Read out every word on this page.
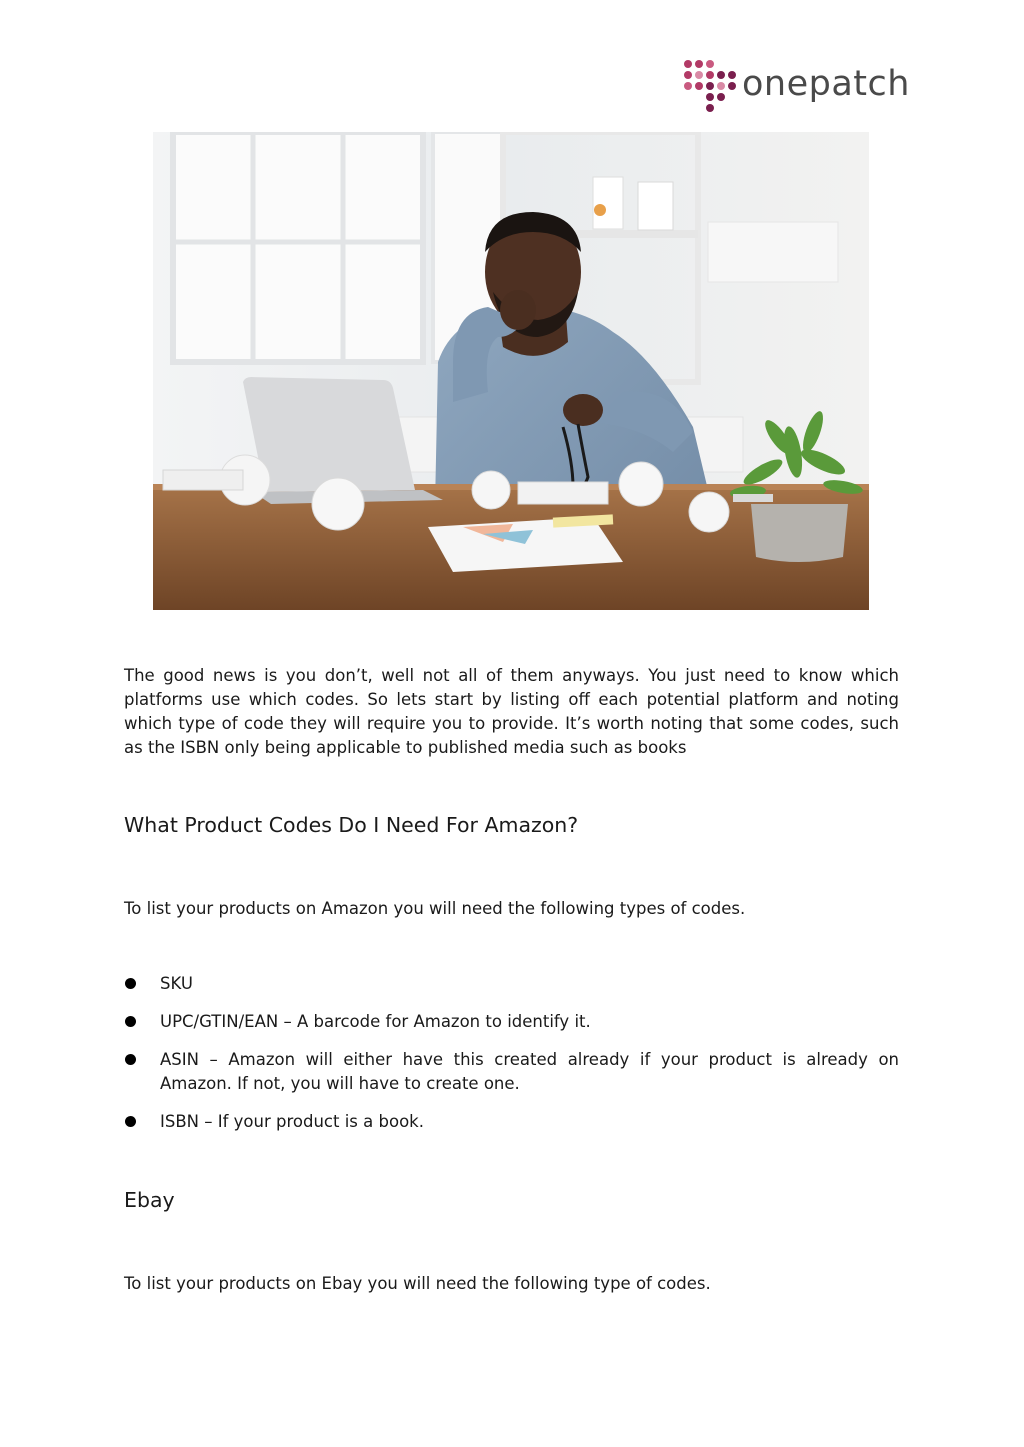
onepatch

The good news is you don’t, well not all of them anyways. You just need to know which platforms use which codes. So lets start by listing off each potential platform and noting which type of code they will require you to provide. It’s worth noting that some codes, such as the ISBN only being applicable to published media such as books

What Product Codes Do I Need For Amazon?

To list your products on Amazon you will need the following types of codes.

SKU
UPC/GTIN/EAN – A barcode for Amazon to identify it.
ASIN – Amazon will either have this created already if your product is already on Amazon. If not, you will have to create one.
ISBN – If your product is a book.
Ebay

To list your products on Ebay you will need the following type of codes.
